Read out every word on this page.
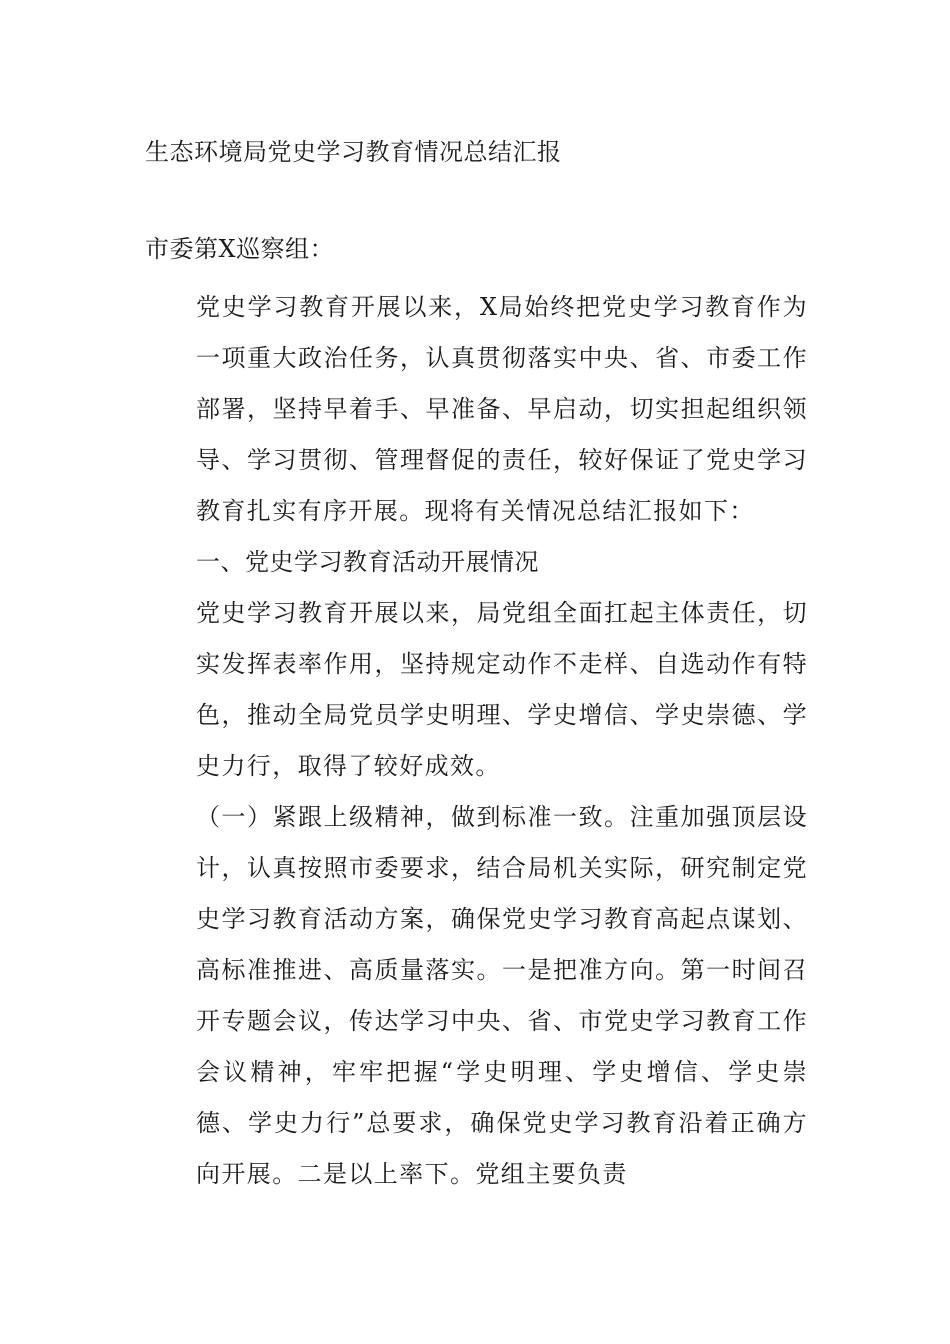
生态环境局党史学习教育情况总结汇报

市委第X巡察组：

党史学习教育开展以来，X局始终把党史学习教育作为一项重大政治任务，认真贯彻落实中央、省、市委工作部署，坚持早着手、早准备、早启动，切实担起组织领导、学习贯彻、管理督促的责任，较好保证了党史学习教育扎实有序开展。现将有关情况总结汇报如下：

一、党史学习教育活动开展情况

党史学习教育开展以来，局党组全面扛起主体责任，切实发挥表率作用，坚持规定动作不走样、自选动作有特色，推动全局党员学史明理、学史增信、学史崇德、学史力行，取得了较好成效。

（一）紧跟上级精神，做到标准一致。注重加强顶层设计，认真按照市委要求，结合局机关实际，研究制定党史学习教育活动方案，确保党史学习教育高起点谋划、高标准推进、高质量落实。一是把准方向。第一时间召开专题会议，传达学习中央、省、市党史学习教育工作会议精神，牢牢把握“学史明理、学史增信、学史崇德、学史力行”总要求，确保党史学习教育沿着正确方向开展。二是以上率下。党组主要负责
